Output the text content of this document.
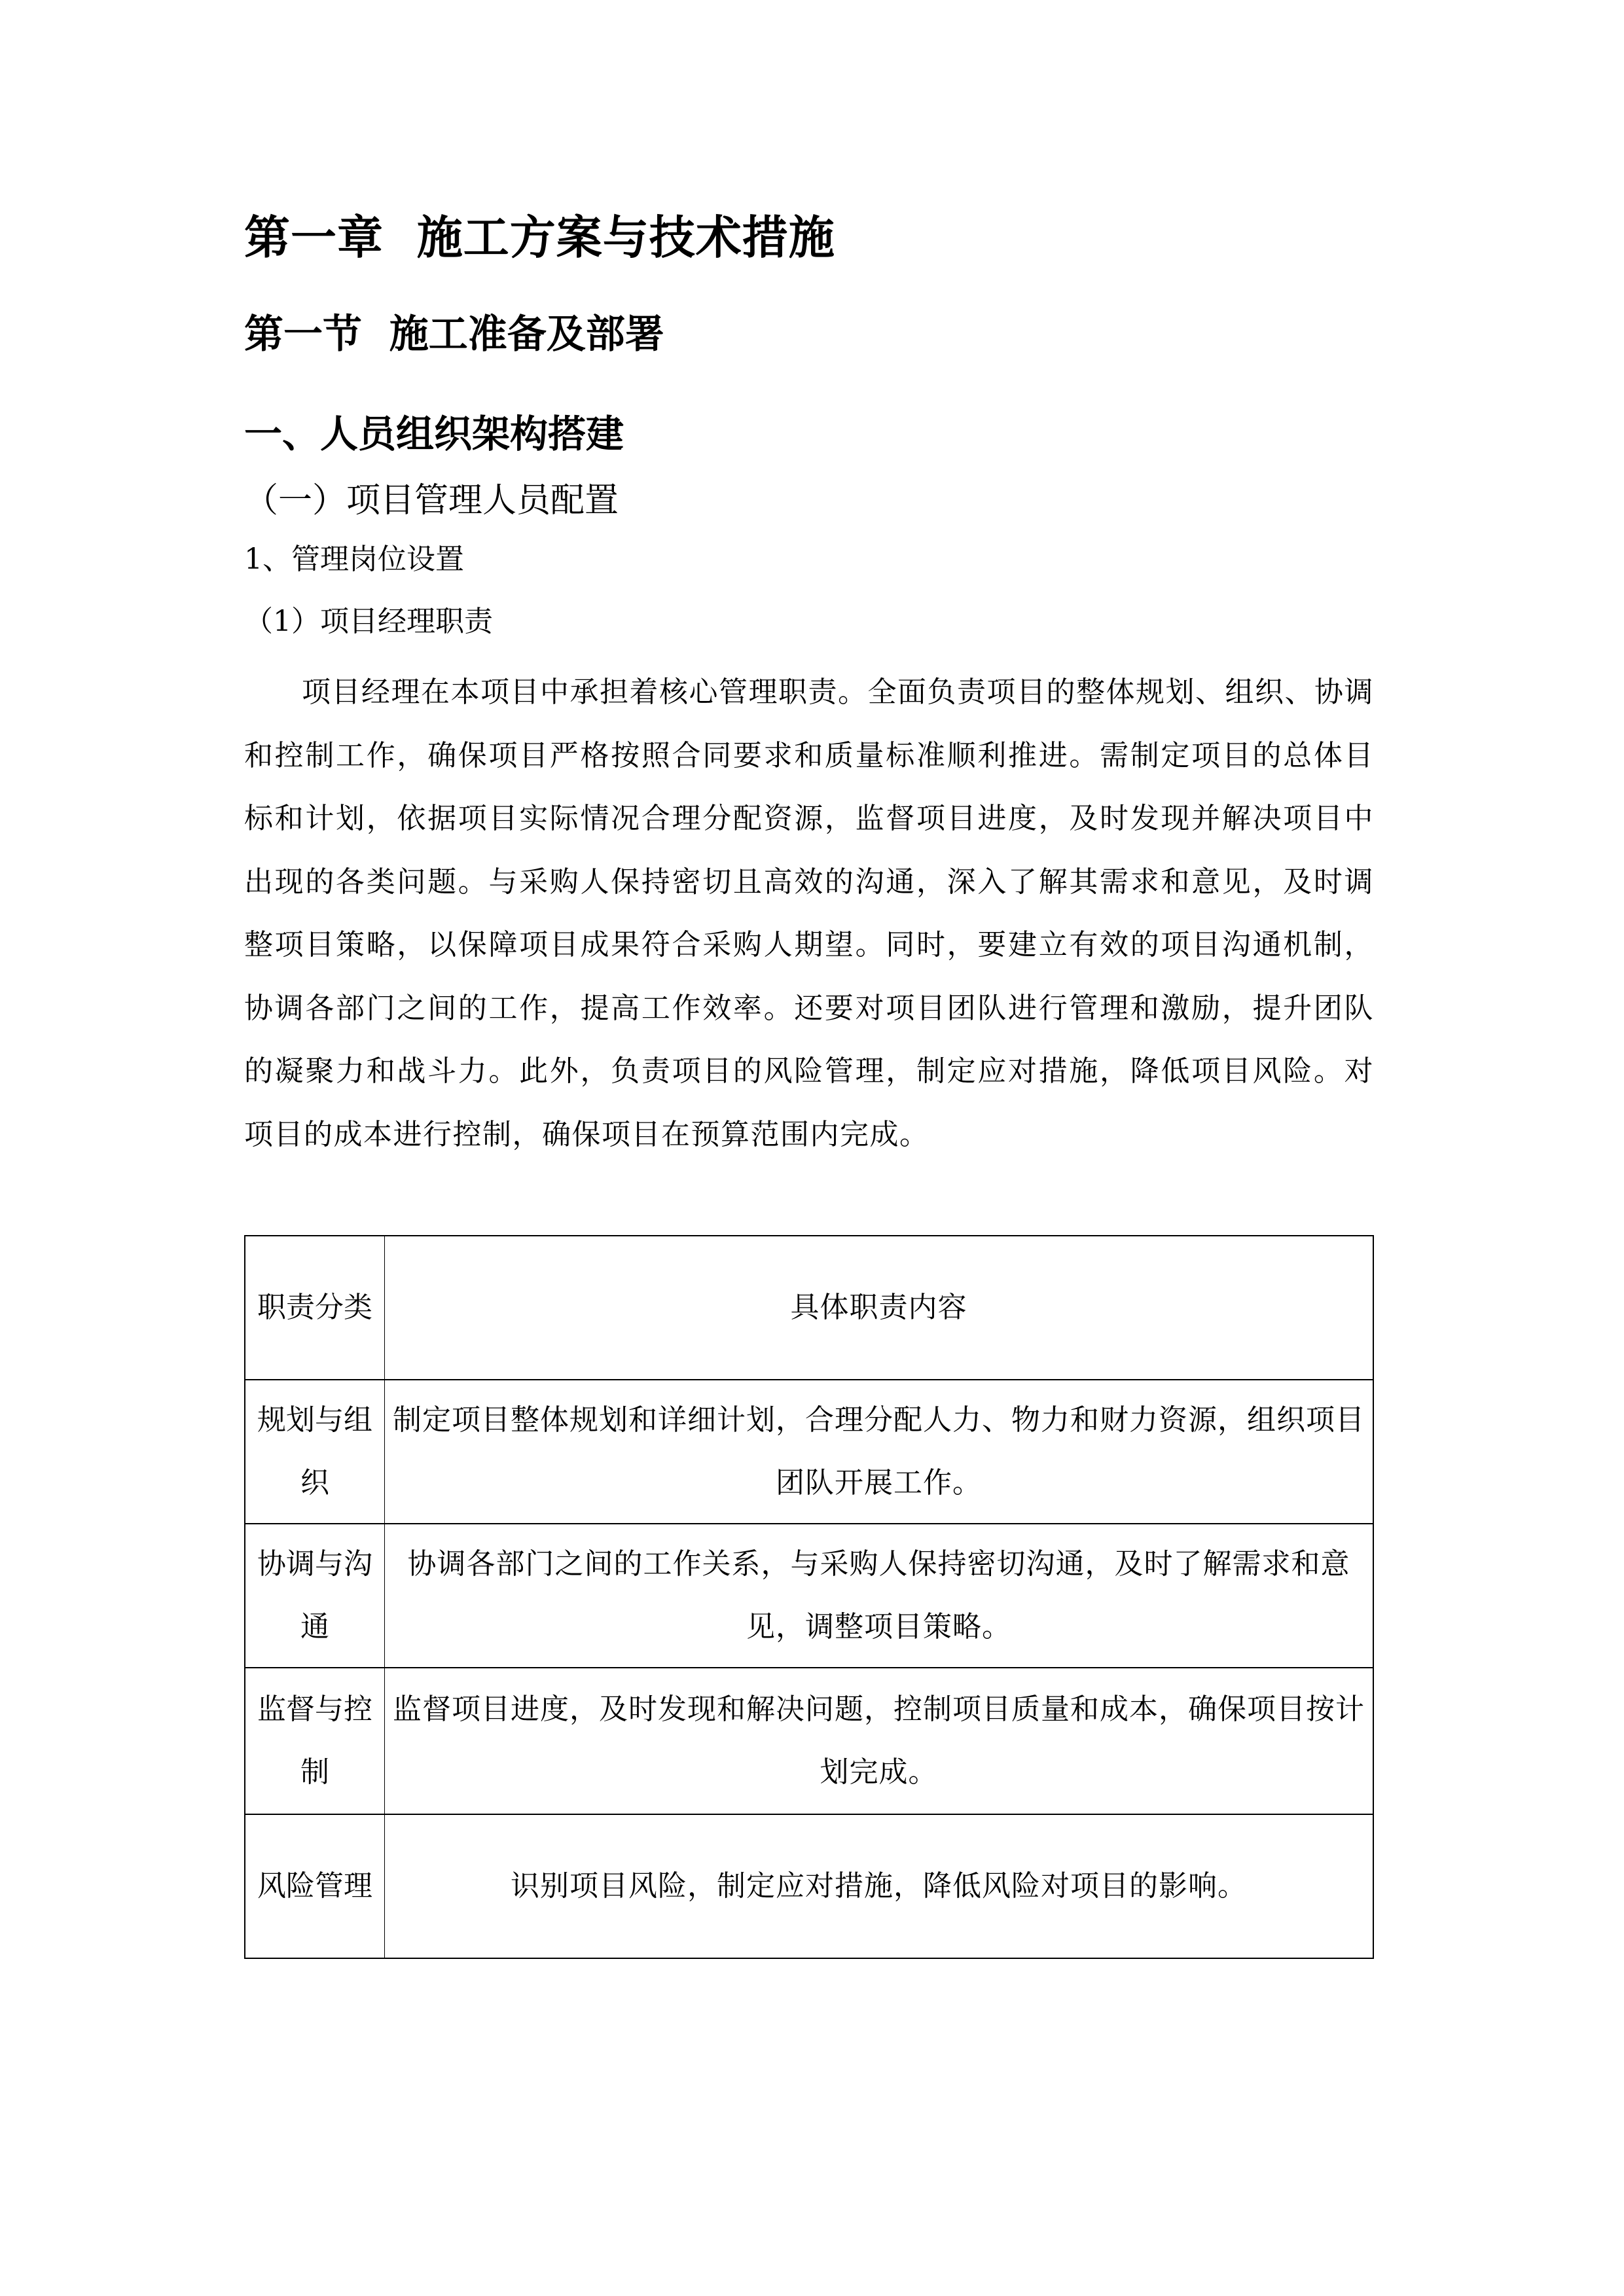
第一章  施工方案与技术措施
第一节  施工准备及部署
一、人员组织架构搭建
（一）项目管理人员配置
1、管理岗位设置
（1）项目经理职责

项目经理在本项目中承担着核心管理职责。全面负责项目的整体规划、组织、协调和控制工作，确保项目严格按照合同要求和质量标准顺利推进。需制定项目的总体目标和计划，依据项目实际情况合理分配资源，监督项目进度，及时发现并解决项目中出现的各类问题。与采购人保持密切且高效的沟通，深入了解其需求和意见，及时调整项目策略，以保障项目成果符合采购人期望。同时，要建立有效的项目沟通机制，协调各部门之间的工作，提高工作效率。还要对项目团队进行管理和激励，提升团队的凝聚力和战斗力。此外，负责项目的风险管理，制定应对措施，降低项目风险。对项目的成本进行控制，确保项目在预算范围内完成。

职责分类	具体职责内容
规划与组织	制定项目整体规划和详细计划，合理分配人力、物力和财力资源，组织项目团队开展工作。
协调与沟通	协调各部门之间的工作关系，与采购人保持密切沟通，及时了解需求和意见，调整项目策略。
监督与控制	监督项目进度，及时发现和解决问题，控制项目质量和成本，确保项目按计划完成。
风险管理	识别项目风险，制定应对措施，降低风险对项目的影响。
